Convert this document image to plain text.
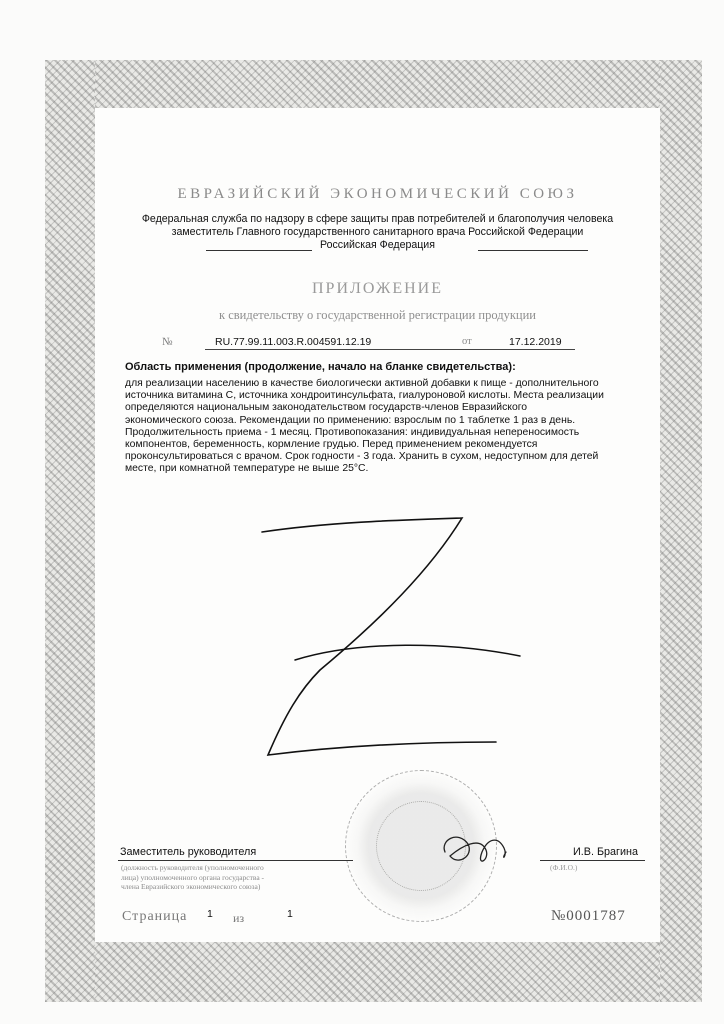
ЕВРАЗИЙСКИЙ ЭКОНОМИЧЕСКИЙ СОЮЗ
Федеральная служба по надзору в сфере защиты прав потребителей и благополучия человека
заместитель Главного государственного санитарного врача Российской Федерации
Российская Федерация
ПРИЛОЖЕНИЕ
к свидетельству о государственной регистрации продукции
№	RU.77.99.11.003.R.004591.12.19	от	17.12.2019
Область применения (продолжение, начало на бланке свидетельства):
для реализации населению в качестве биологически активной добавки к пище - дополнительного
источника витамина С, источника хондроитинсульфата, гиалуроновой кислоты. Места реализации
определяются национальным законодательством государств-членов Евразийского
экономического союза. Рекомендации по применению: взрослым по 1 таблетке 1 раз в день.
Продолжительность приема - 1 месяц. Противопоказания: индивидуальная непереносимость
компонентов, беременность, кормление грудью. Перед применением рекомендуется
проконсультироваться с врачом. Срок годности - 3 года. Хранить в сухом, недоступном для детей
месте, при комнатной температуре не выше 25°С.
Заместитель руководителя	И.В. Брагина
(должность руководителя (уполномоченного
лица) уполномоченного органа государства -
члена Евразийского экономического союза)
(Ф.И.О.)
Страница 1 из	1	№0001787
